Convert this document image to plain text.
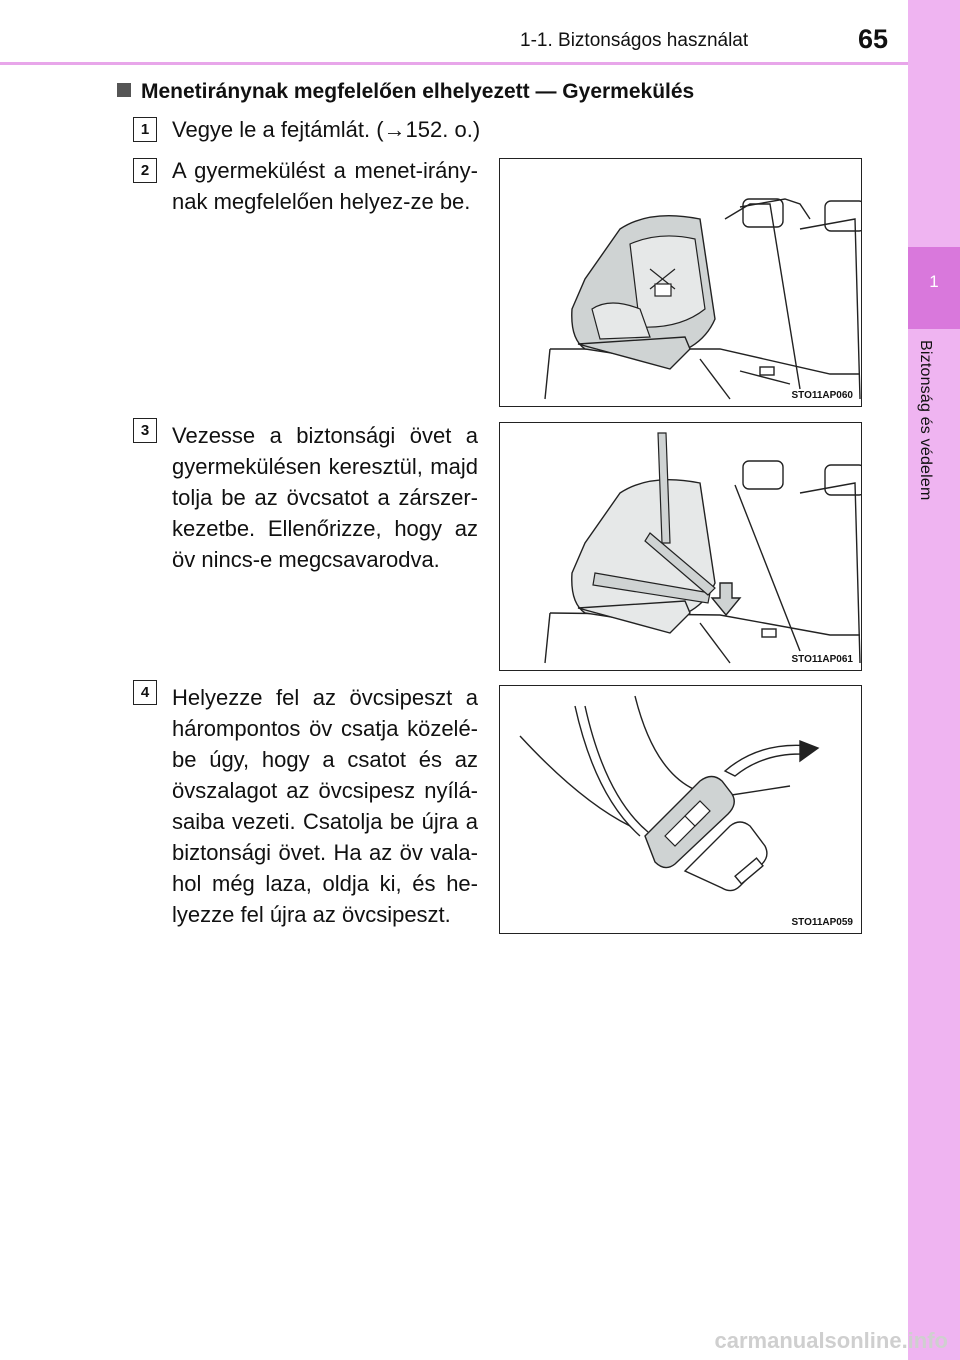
1-1. Biztonságos használat	65
1
Biztonság és védelem
Menetiránynak megfelelően elhelyezett — Gyermekülés
1	Vegye le a fejtámlát. (→152. o.)
2	A gyermekülést a menet-iránynak megfelelően helyez-ze be.
STO11AP060
3	Vezesse a biztonsági övet a gyermekülésen keresztül, majd tolja be az övcsatot a zárszer-kezetbe. Ellenőrizze, hogy az öv nincs-e megcsavarodva.
STO11AP061
4	Helyezze fel az övcsipeszt a hárompontos öv csatja közelé-be úgy, hogy a csatot és az övszalagot az övcsipesz nyílá-saiba vezeti. Csatolja be újra a biztonsági övet. Ha az öv vala-hol még laza, oldja ki, és he-lyezze fel újra az övcsipeszt.	STO11AP059
carmanualsonline.info
